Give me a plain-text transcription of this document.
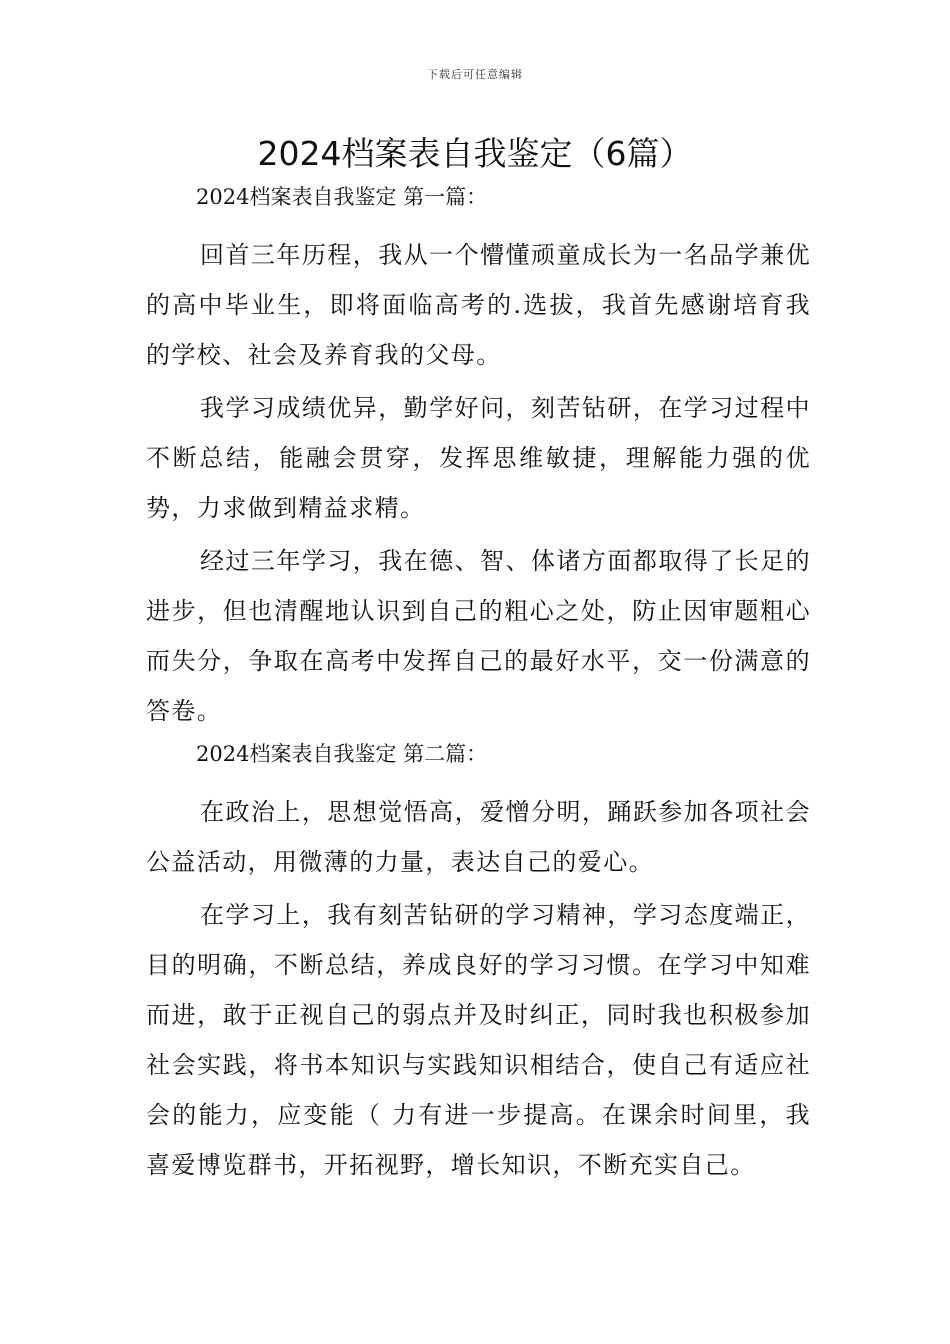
下载后可任意编辑
2024档案表自我鉴定（6篇）

2024档案表自我鉴定 第一篇：

回首三年历程，我从一个懵懂顽童成长为一名品学兼优的高中毕业生，即将面临高考的.选拔，我首先感谢培育我的学校、社会及养育我的父母。

我学习成绩优异，勤学好问，刻苦钻研，在学习过程中不断总结，能融会贯穿，发挥思维敏捷，理解能力强的优势，力求做到精益求精。

经过三年学习，我在德、智、体诸方面都取得了长足的进步，但也清醒地认识到自己的粗心之处，防止因审题粗心而失分，争取在高考中发挥自己的最好水平，交一份满意的答卷。

2024档案表自我鉴定 第二篇：

在政治上，思想觉悟高，爱憎分明，踊跃参加各项社会公益活动，用微薄的力量，表达自己的爱心。

在学习上，我有刻苦钻研的学习精神，学习态度端正，目的明确，不断总结，养成良好的学习习惯。在学习中知难而进，敢于正视自己的弱点并及时纠正，同时我也积极参加社会实践，将书本知识与实践知识相结合，使自己有适应社会的能力，应变能（ 力有进一步提高。在课余时间里，我喜爱博览群书，开拓视野，增长知识，不断充实自己。
